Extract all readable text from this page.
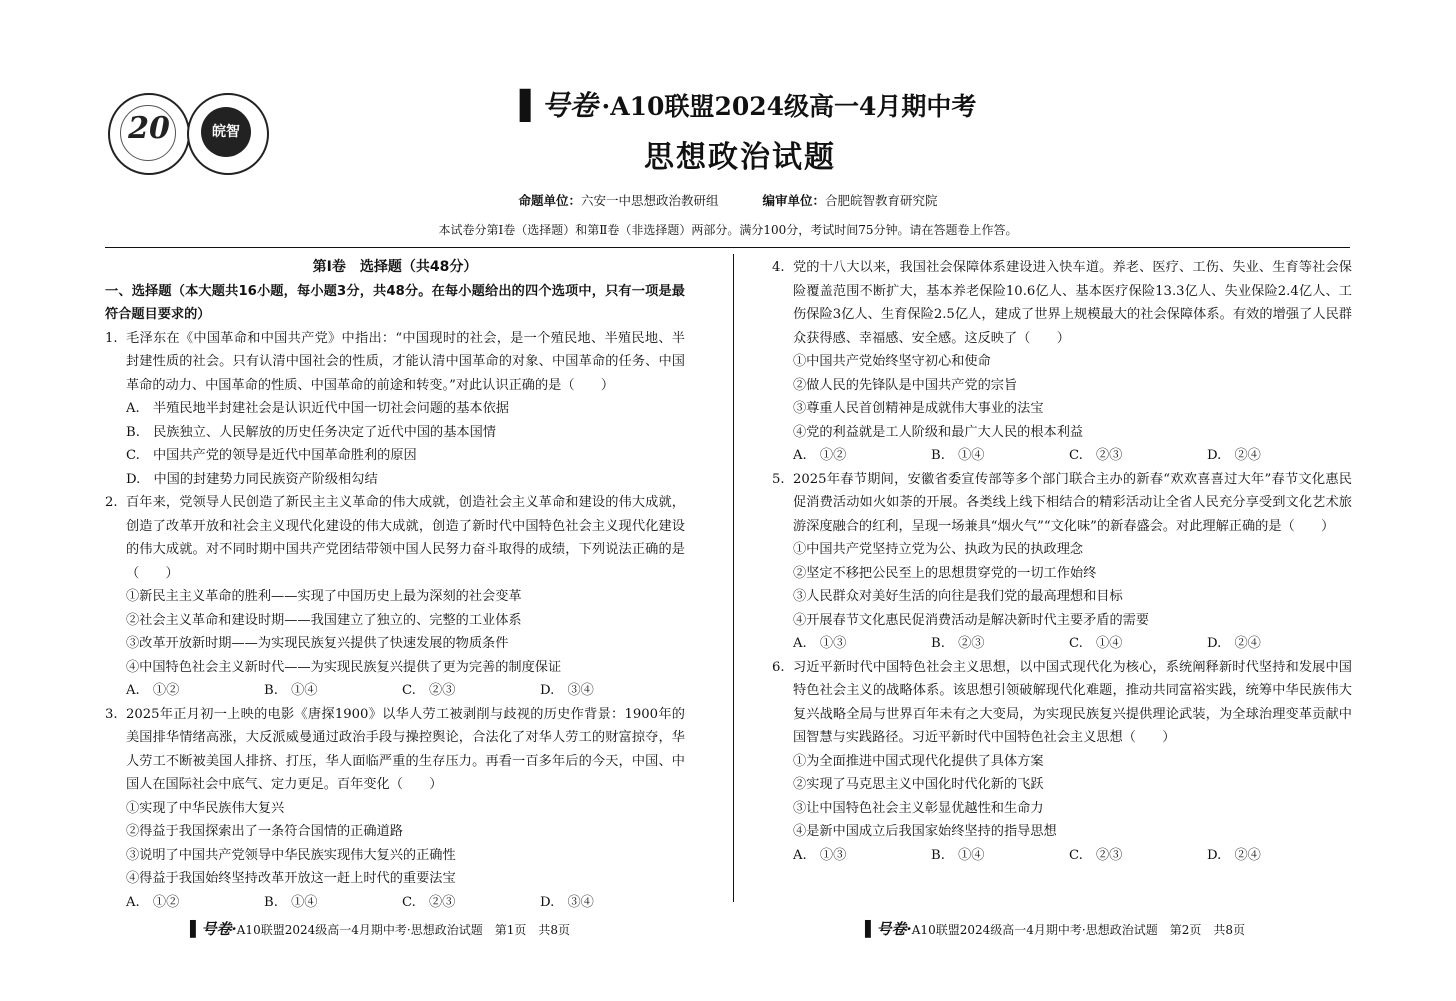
20	皖智
▌号卷 ·A10联盟2024级高一4月期中考
思想政治试题
命题单位：六安一中思想政治教研组	编审单位：合肥皖智教育研究院
本试卷分第Ⅰ卷（选择题）和第Ⅱ卷（非选择题）两部分。满分100分，考试时间75分钟。请在答题卷上作答。
第Ⅰ卷　选择题（共48分）
一、选择题（本大题共16小题，每小题3分，共48分。在每小题给出的四个选项中，只有一项是最符合题目要求的）
1. 毛泽东在《中国革命和中国共产党》中指出：“中国现时的社会，是一个殖民地、半殖民地、半封建性质的社会。只有认清中国社会的性质，才能认清中国革命的对象、中国革命的任务、中国革命的动力、中国革命的性质、中国革命的前途和转变。”对此认识正确的是（　　）
A.　半殖民地半封建社会是认识近代中国一切社会问题的基本依据
B.　民族独立、人民解放的历史任务决定了近代中国的基本国情
C.　中国共产党的领导是近代中国革命胜利的原因
D.　中国的封建势力同民族资产阶级相勾结
2. 百年来，党领导人民创造了新民主主义革命的伟大成就，创造社会主义革命和建设的伟大成就，创造了改革开放和社会主义现代化建设的伟大成就，创造了新时代中国特色社会主义现代化建设的伟大成就。对不同时期中国共产党团结带领中国人民努力奋斗取得的成绩，下列说法正确的是（　　）
①新民主主义革命的胜利——实现了中国历史上最为深刻的社会变革
②社会主义革命和建设时期——我国建立了独立的、完整的工业体系
③改革开放新时期——为实现民族复兴提供了快速发展的物质条件
④中国特色社会主义新时代——为实现民族复兴提供了更为完善的制度保证
A.　①②	B.　①④	C.　②③	D.　③④
3. 2025年正月初一上映的电影《唐探1900》以华人劳工被剥削与歧视的历史作背景：1900年的美国排华情绪高涨，大反派威曼通过政治手段与操控舆论，合法化了对华人劳工的财富掠夺，华人劳工不断被美国人排挤、打压，华人面临严重的生存压力。再看一百多年后的今天，中国、中国人在国际社会中底气、定力更足。百年变化（　　）
①实现了中华民族伟大复兴
②得益于我国探索出了一条符合国情的正确道路
③说明了中国共产党领导中华民族实现伟大复兴的正确性
④得益于我国始终坚持改革开放这一赶上时代的重要法宝
A.　①②	B.　①④	C.　②③	D.　③④
4. 党的十八大以来，我国社会保障体系建设进入快车道。养老、医疗、工伤、失业、生育等社会保险覆盖范围不断扩大，基本养老保险10.6亿人、基本医疗保险13.3亿人、失业保险2.4亿人、工伤保险3亿人、生育保险2.5亿人，建成了世界上规模最大的社会保障体系。有效的增强了人民群众获得感、幸福感、安全感。这反映了（　　）
①中国共产党始终坚守初心和使命
②做人民的先锋队是中国共产党的宗旨
③尊重人民首创精神是成就伟大事业的法宝
④党的利益就是工人阶级和最广大人民的根本利益
A.　①②	B.　①④	C.　②③	D.　②④
5. 2025年春节期间，安徽省委宣传部等多个部门联合主办的新春“欢欢喜喜过大年”春节文化惠民促消费活动如火如荼的开展。各类线上线下相结合的精彩活动让全省人民充分享受到文化艺术旅游深度融合的红利，呈现一场兼具“烟火气”“文化味”的新春盛会。对此理解正确的是（　　）
①中国共产党坚持立党为公、执政为民的执政理念
②坚定不移把公民至上的思想贯穿党的一切工作始终
③人民群众对美好生活的向往是我们党的最高理想和目标
④开展春节文化惠民促消费活动是解决新时代主要矛盾的需要
A.　①③	B.　②③	C.　①④	D.　②④
6. 习近平新时代中国特色社会主义思想，以中国式现代化为核心，系统阐释新时代坚持和发展中国特色社会主义的战略体系。该思想引领破解现代化难题，推动共同富裕实践，统筹中华民族伟大复兴战略全局与世界百年未有之大变局，为实现民族复兴提供理论武装，为全球治理变革贡献中国智慧与实践路径。习近平新时代中国特色社会主义思想（　　）
①为全面推进中国式现代化提供了具体方案
②实现了马克思主义中国化时代化新的飞跃
③让中国特色社会主义彰显优越性和生命力
④是新中国成立后我国家始终坚持的指导思想
A.　①③	B.　①④	C.　②③	D.　②④
▌号卷·A10联盟2024级高一4月期中考·思想政治试题　第1页　共8页	▌号卷·A10联盟2024级高一4月期中考·思想政治试题　第2页　共8页
